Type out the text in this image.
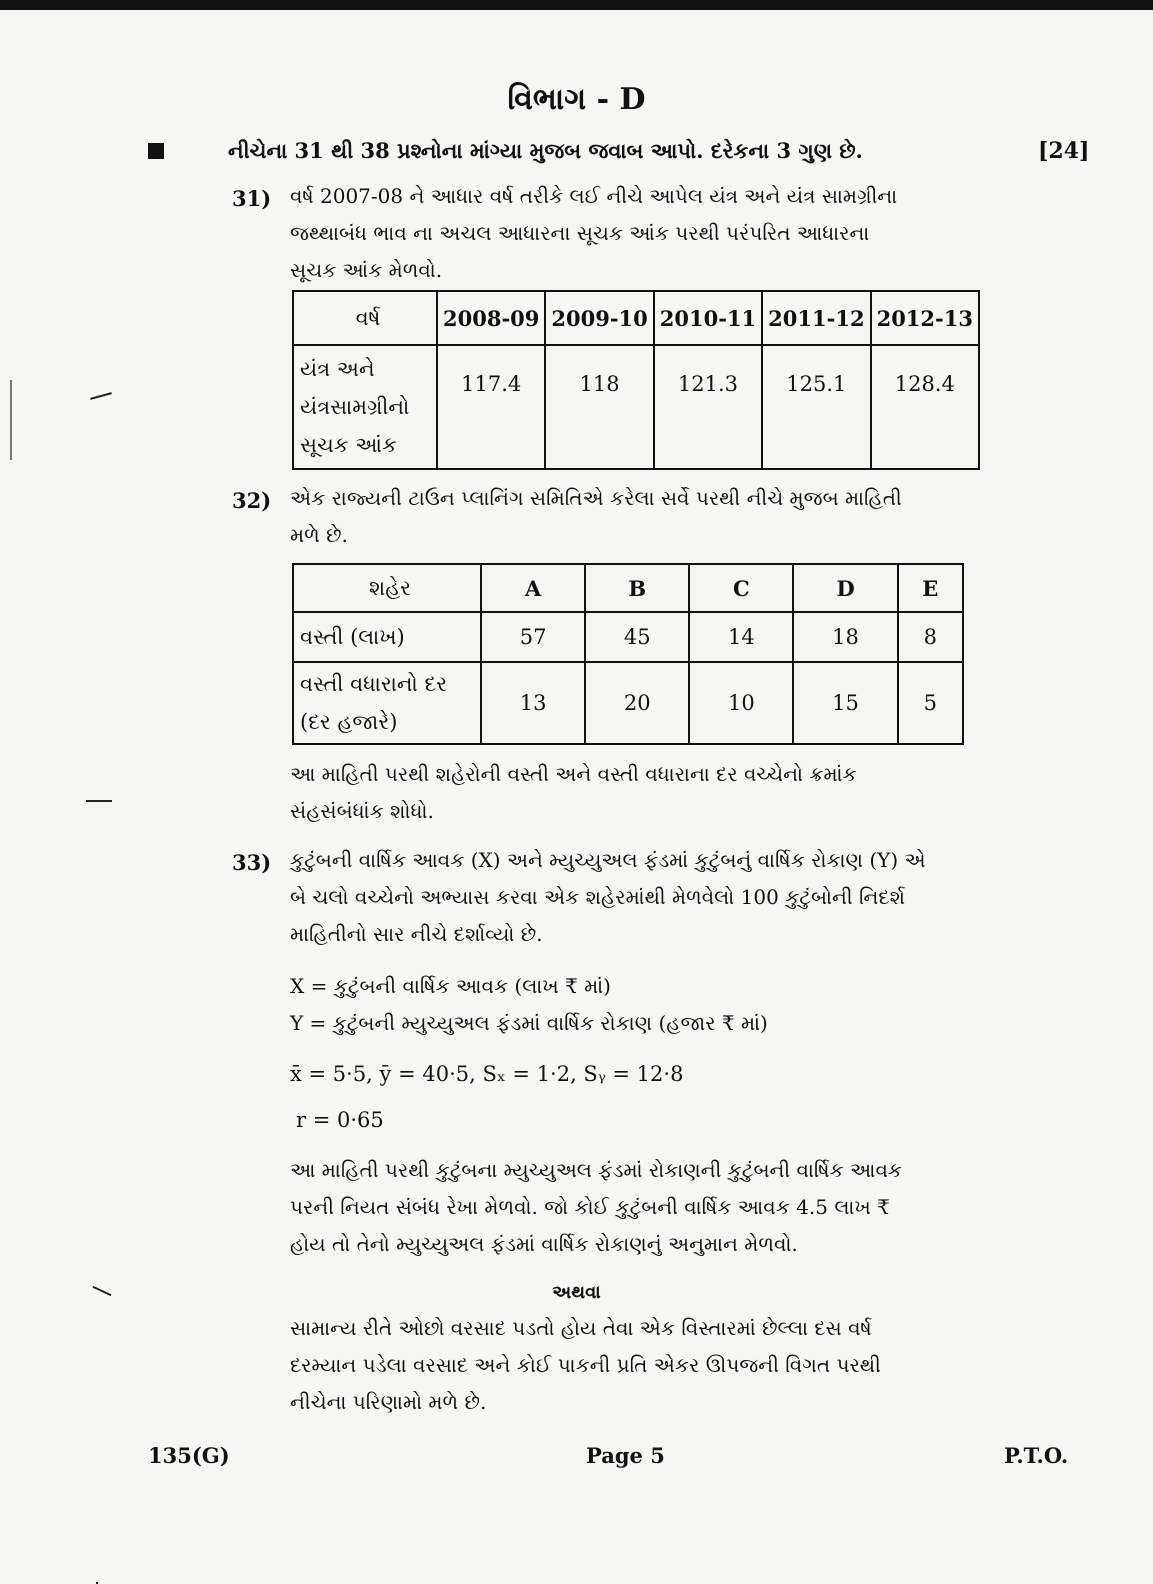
વિભાગ - D
નીચેના 31 થી 38 પ્રશ્નોના માંગ્યા મુજબ જવાબ આપો. દરેકના 3 ગુણ છે.	[24]
31) વર્ષ 2007-08 ને આધાર વર્ષ તરીકે લઈ નીચે આપેલ યંત્ર અને યંત્ર સામગ્રીના
જથ્થાબંધ ભાવ ના અચલ આધારના સૂચક આંક પરથી પરંપરિત આધારના
સૂચક આંક મેળવો.
વર્ષ	2008-09	2009-10	2010-11	2011-12	2012-13

યંત્ર અને
યંત્રસામગ્રીનો
સૂચક આંક	117.4	118	121.3	125.1	128.4
32) એક રાજ્યની ટાઉન પ્લાનિંગ સમિતિએ કરેલા સર્વે પરથી નીચે મુજબ માહિતી
મળે છે.
શહેર	A	B	C	D	E
વસ્તી (લાખ)	57	45	14	18	8

વસ્તી વધારાનો દર
(દર હજારે)	13	20	10	15	5
આ માહિતી પરથી શહેરોની વસ્તી અને વસ્તી વધારાના દર વચ્ચેનો ક્રમાંક
સંહસંબંધાંક શોધો.
33) કુટુંબની વાર્ષિક આવક (X) અને મ્યુચ્યુઅલ ફંડમાં કુટુંબનું વાર્ષિક રોકાણ (Y) એ
બે ચલો વચ્ચેનો અભ્યાસ કરવા એક શહેરમાંથી મેળવેલો 100 કુટુંબોની નિદર્શ
માહિતીનો સાર નીચે દર્શાવ્યો છે.
X = કુટુંબની વાર્ષિક આવક (લાખ ₹ માં)
Y = કુટુંબની મ્યુચ્યુઅલ ફંડમાં વાર્ષિક રોકાણ (હજાર ₹ માં)
x̄ = 5·5, ȳ = 40·5, Sₓ = 1·2, Sᵧ = 12·8
r = 0·65
આ માહિતી પરથી કુટુંબના મ્યુચ્યુઅલ ફંડમાં રોકાણની કુટુંબની વાર્ષિક આવક
પરની નિયત સંબંધ રેખા મેળવો. જો કોઈ કુટુંબની વાર્ષિક આવક 4.5 લાખ ₹
હોય તો તેનો મ્યુચ્યુઅલ ફંડમાં વાર્ષિક રોકાણનું અનુમાન મેળવો.
અથવા
સામાન્ય રીતે ઓછો વરસાદ પડતો હોય તેવા એક વિસ્તારમાં છેલ્લા દસ વર્ષ
દરમ્યાન પડેલા વરસાદ અને કોઈ પાકની પ્રતિ એકર ઊપજની વિગત પરથી
નીચેના પરિણામો મળે છે.
135(G)	Page 5	P.T.O.
